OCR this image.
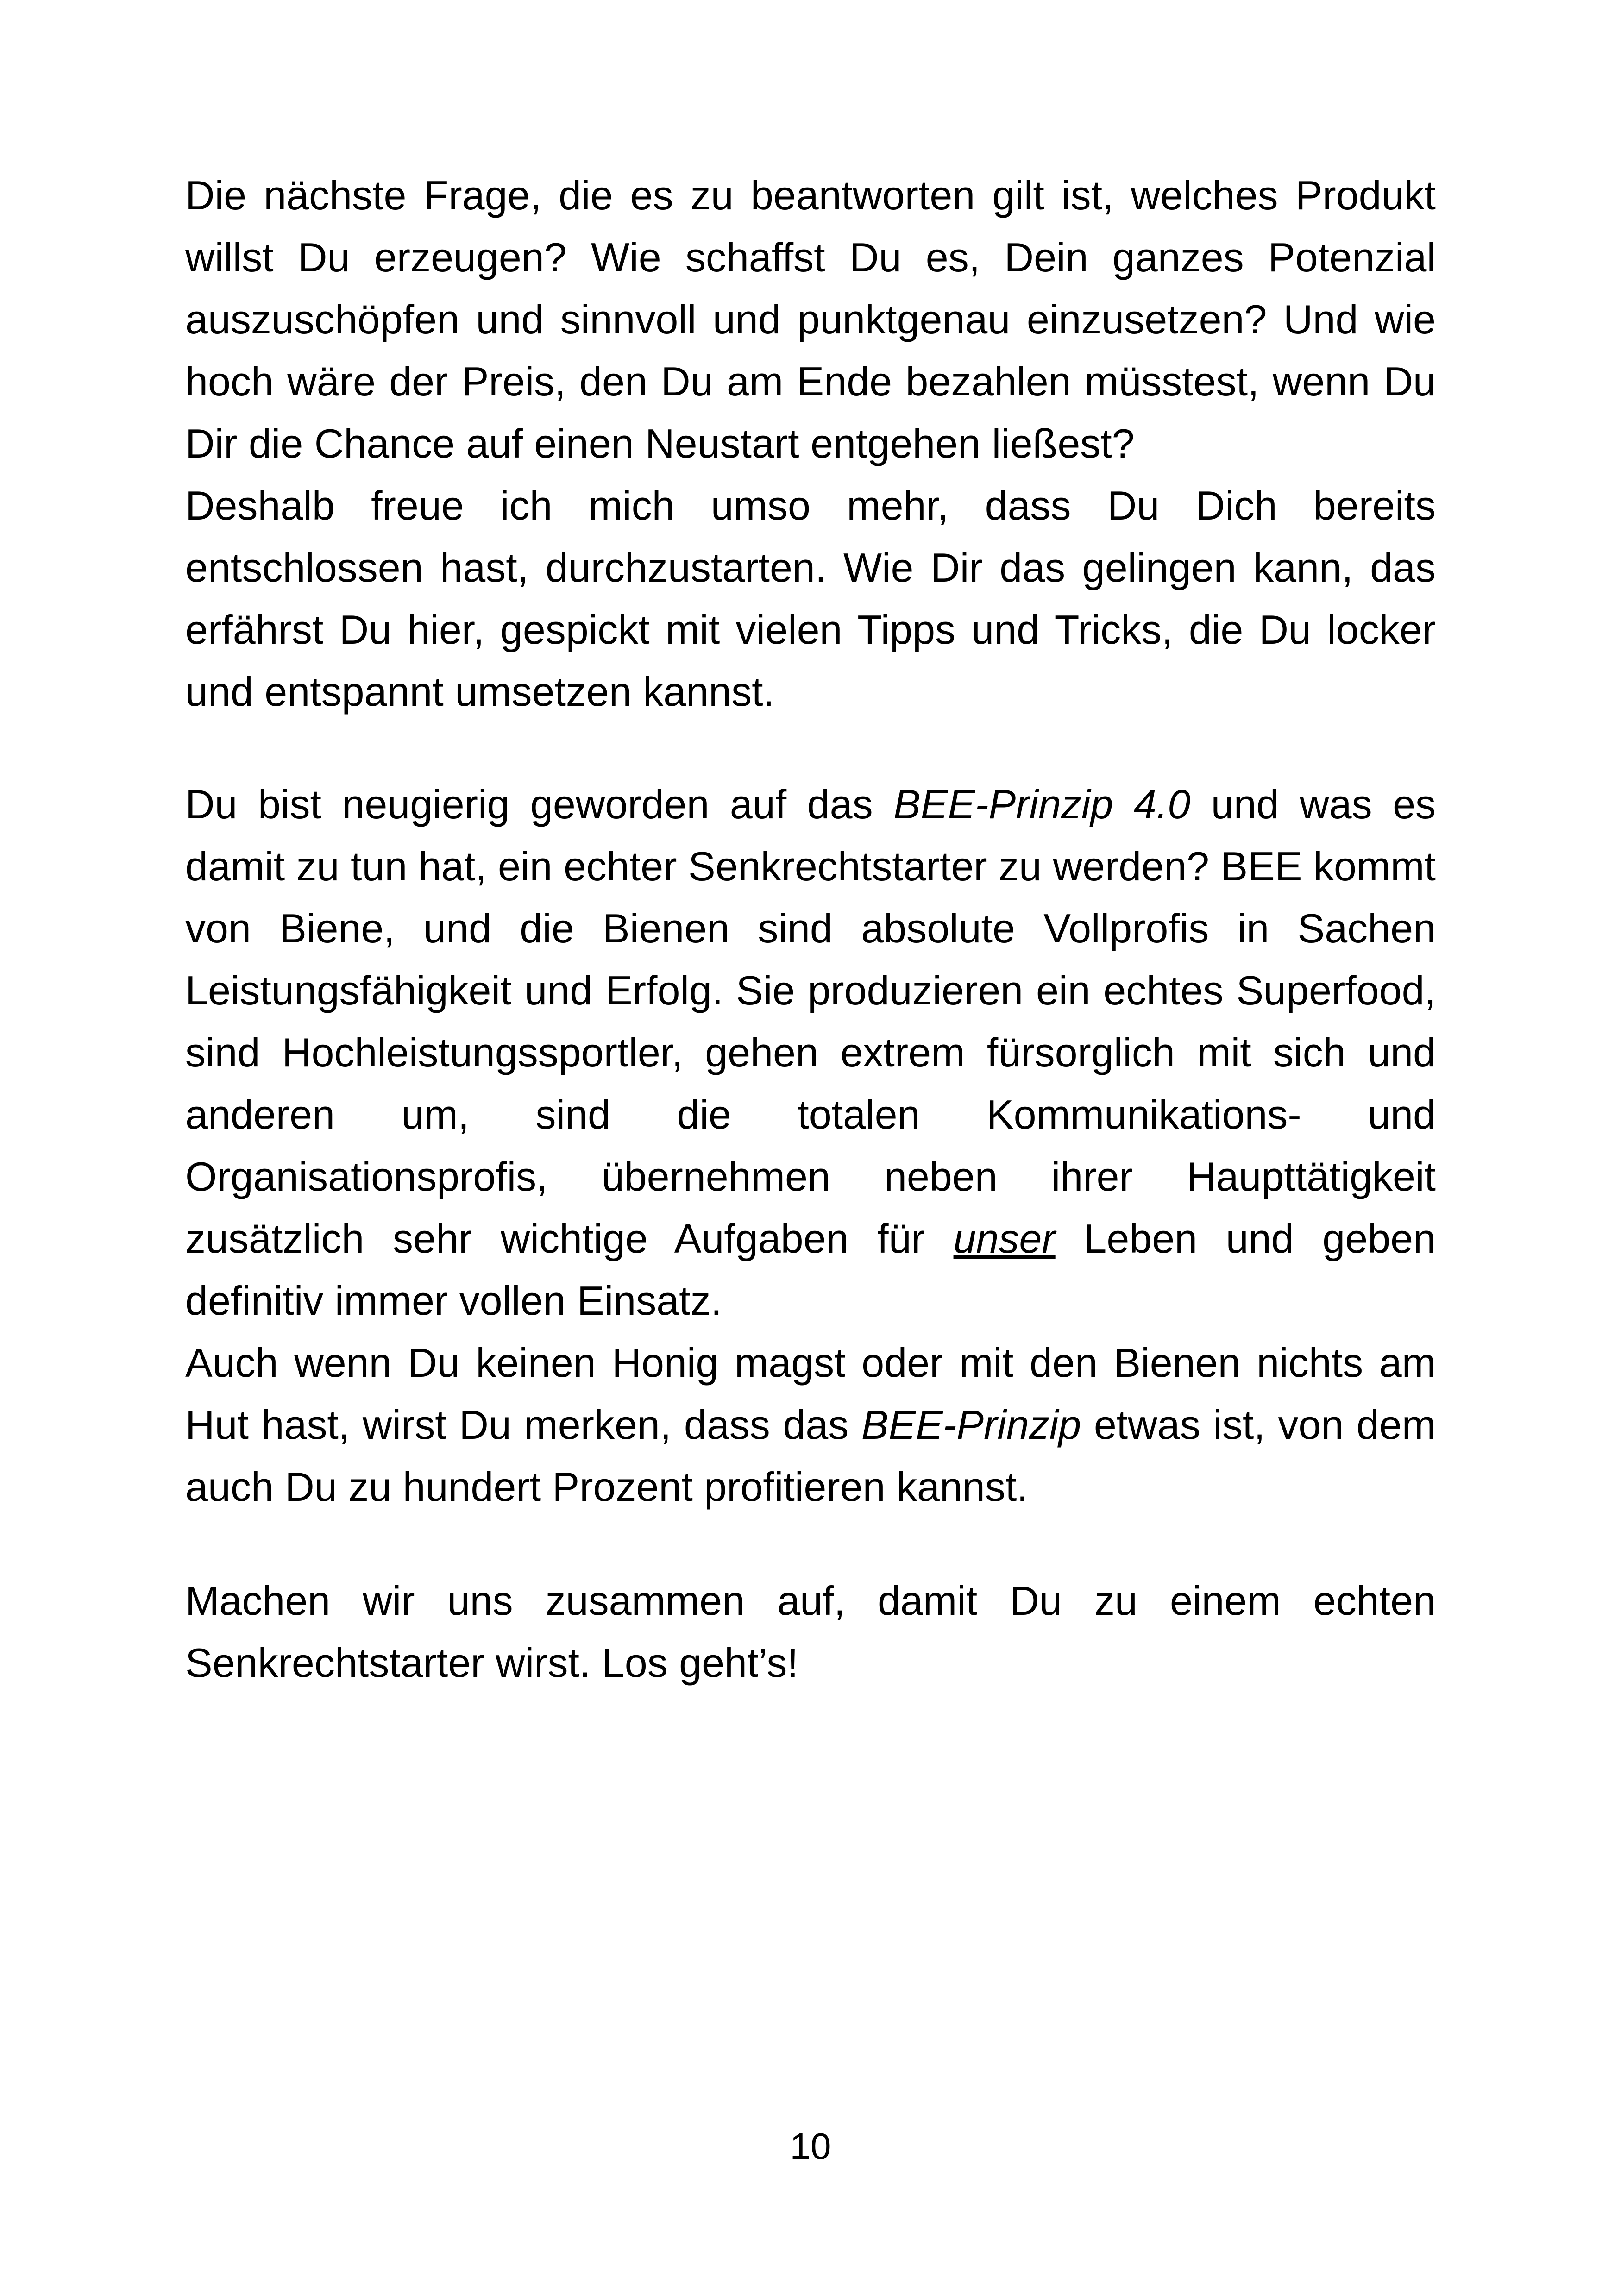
Die nächste Frage, die es zu beantworten gilt ist, welches Produkt willst Du erzeugen? Wie schaffst Du es, Dein ganzes Potenzial auszuschöpfen und sinnvoll und punktgenau einzusetzen? Und wie hoch wäre der Preis, den Du am Ende bezahlen müsstest, wenn Du Dir die Chance auf einen Neustart entgehen ließest?

Deshalb freue ich mich umso mehr, dass Du Dich bereits entschlossen hast, durchzustarten. Wie Dir das gelingen kann, das erfährst Du hier, gespickt mit vielen Tipps und Tricks, die Du locker und entspannt umsetzen kannst.

Du bist neugierig geworden auf das BEE-Prinzip 4.0 und was es damit zu tun hat, ein echter Senkrechtstarter zu werden? BEE kommt von Biene, und die Bienen sind absolute Vollprofis in Sachen Leistungsfähigkeit und Erfolg. Sie produzieren ein echtes Superfood, sind Hochleistungssportler, gehen extrem fürsorglich mit sich und anderen um, sind die totalen Kommunikations- und Organisationsprofis, übernehmen neben ihrer Haupttätigkeit zusätzlich sehr wichtige Aufgaben für unser Leben und geben definitiv immer vollen Einsatz.

Auch wenn Du keinen Honig magst oder mit den Bienen nichts am Hut hast, wirst Du merken, dass das BEE-Prinzip etwas ist, von dem auch Du zu hundert Prozent profitieren kannst.

Machen wir uns zusammen auf, damit Du zu einem echten Senkrechtstarter wirst. Los geht’s!

10
